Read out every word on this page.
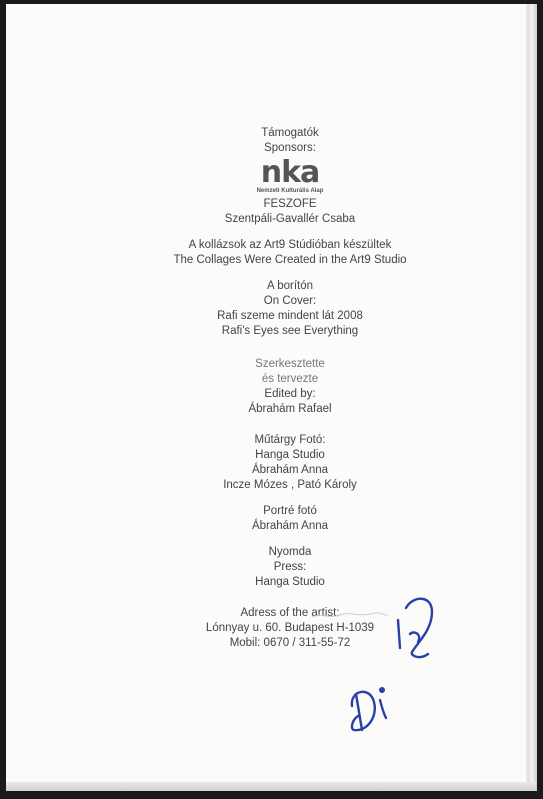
Támogatók
Sponsors:
nka
Nemzeti Kulturális Alap
FESZOFE
Szentpáli-Gavallér Csaba
A kollázsok az Art9 Stúdióban készültek
The Collages Were Created in the Art9 Studio
A borítón
On Cover:
Rafi szeme mindent lát 2008
Rafi's Eyes see Everything
Szerkesztette
és tervezte
Edited by:
Ábrahám Rafael
Műtárgy Fotó:
Hanga Studio
Ábrahám Anna
Incze Mózes , Pató Károly
Portré fotó
Ábrahám Anna
Nyomda
Press:
Hanga Studio
Adress of the artist:
Lónnyay u. 60. Budapest H-1039
Mobil: 0670 / 311-55-72
